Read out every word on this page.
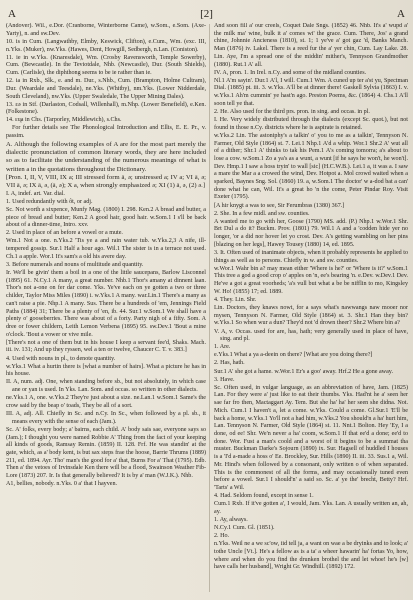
A	[2]	A

(Andover). Wil., e.Dor. (Cranborne, Winterborne Came), w.Som., e.Som. (Axe-Yarty), n. and sw.Dev.

10. is in Cum. (Langwathby, Elmby, Keswick, Clifton), e.Cum., Wm. (exc. III, n.Yks. (Muker), nw.Yks. (Hawes, Dent, Howgill, Sedbergh, n.Lan. (Coniston).

11. ie in w.Yks. (Knaresdale), Wm. (Crosby Ravensworth, Temple Sowerby), Cum. (Bewcastle). In the Teviotdale, Nhb. (Newcastle), Dur. (South Shields), Cum. (Carlisle), the diphthong seems to be ie rather than ie.

12. ia in Rxb., Slk., e. and m. Dur., s.Nhb., Cum. (Brampton, Holme Cultram), Dur. (Weardale and Teesdale), ne.Yks. (Whitby), nm.Yks. (Lower Nidderdale, South Cleveland), nw.Yks. (Upper Swaledale, The Upper Mining Dales).

13. ɛə in Stf. (Darlaston, Codsall, Willenhall), m.Nhp. (Lower Benefield), e.Ken. (Folkestone).

14. ɛu̯a in Chs. (Tarporley, Middlewich), s.Chs.

For further details see The Phonological Introduction and Ellis, E. E. Pr., v. passim.

A. Although the following examples of A are for the most part merely the dialectic pronunciation of common literary words, they are here included so as to facilitate the understanding of the numerous meanings of what is written a in the quotations throughout the Dictionary.

[Pron. I, II, V, VIII, IX a; III stressed form ā, ǝ; unstressed a; IV a; VI ā, ǝ; VII ā, ǝ; IX ā, ǝ, (ā, ǝ); X a, when strongly emphasized ǝ; XI (1) ā, ǝ, (2) ǝ.]

I. A, indef. art. Var. dial.

1. Used redundantly with ôt, or adj.

Sc. Not worth a sixpence, Munfy Mag. (1800) I. 298. Ken.2 A bread and butter, a piece of bread and butter; Ken.2 A good hair, good hair. w.Som.1 I s'll be back about of a dinner-time, Intro. xxv.

2. Used in place of an before a vowel or a mute.

Wm.1 Not a one. n.Yks.2 'Tis ye a and rain water tub. w.Yks.2,3 A nife, ill-tempered gossip. Sur.1 Half a hour ago. Wil.1 The sister is in a terrace not used. Ch.1 a apple. Wor.1 It's sam's a old his avere day.

3. Before numerals and nouns of multitude and quantity.

Ir. We'll be givin' them a boil in a one of the little saucepans, Barlow Lisconnel (1895) 61. N.Cy.1 A many, a great number. Nhb.1 Thor's amany at dinnent laan. Thor's not a-one on fer dar come. Yks. Ye've each on ye gotten a two or three childer, Taylor Miss Miles (1890) i. w.Yks.1 A many. war.Lin.1 There's a many as can't raise a pie. Nhp.1 A many. Sus. There be a hundreds of 'em, Jennings Field Paths (1884) 31; There be a plenty of 'en, ib. 44. Sur.1 w.Som.1 We shall have a plenty o' gooseberries. There was about of a forty. Party nigh of a fifty. Som. A dree or fower childern, Leith Lemon Verbena (1895) 95. sw.Dev.1 'Bout a mine o'clock. 'Bout a vower or vive mile.

[There's not a one of them but in his house I keep a servant fee'd, Shaks. Mach. iii. iv. 131; And up they ryssen, wel a ten or twelve, Chaucer C. T. v. 383.]

4. Used with nouns in pl., to denote quantity.

w.Yks.1 What a hurtin there is [what a number of hairs]. What a picture he has in his house.

II. A, num. adj. One, when standing before sb., but not absolutely, in which case ane or yan is used. In Yks. Lan. Som. and occas. so written in other dialects.

ne.Yks.1 A, one. w.Yks.2 They're just about a size. ne.Lan.1 w.Som.1 Same's the crow said by the beap o' toads, They be all of a sort.

III. A, adj. All. Chiefly in Sc. and n.Cy. In Sc., when followed by a pl. sb., it means every with the sense of each (Jam.).

Sc. A' folks, every body; a' bairns, each child. A' body sais sae, everyone says so (Jam.); I thought you were named Robbie A' Thing from the fact of your keeping all kinds of goods, Ramsay Remin. (1859) II. 128. Frf. He was standin' at the gate, which, as a' body kent, is but sax steps frae the hoose, Barrie Thrums (1889) 211, ed. 1894. Ayr. Tho' man's the good for a' that, Burns For a' That (1795). Edb. Then a' the vetoes of Irvinsdale Ken there will be a flood, Swainson Weather Fib-Lore (1873) 207. Ir. Is that generally believed? It is by a' man (W.J.K.). Nhb.

A1, bellies, nobody. n.Yks. 0 a' that I hayven.

And soon fill a' our creels, Coquet Dale Sngs. (1852) 46. Nhb. It's a' wupd a' the milk ma' wine, bulk it a' comes wi' the grace. Cum. There, Jos' a grand chine, Johnnie Ancieness (1810), st. 1; 1 ye've a' got gaz 'd, Banks Manch. Man (1876) iv. Lakel. There is a reed fur the a' yer chin, Cum. Lay Lake. 28. Lin. Aye, I'm a spread one of the middin' mither's, Tennyson Grandmother (1880). Rut.1 A' all.

IV. A, pron. 1. In Irel. n.Cy. and some of the midland counties.

Nl.1 A'm sayin'. Dur.1 A'l, I will. Cum.1 Wm. A cuned up ter a'st yu, Spectman Dial. (1885) pt. iii. 3. w.Yks. A'll be at dinner there! Gaskell Sylvia (1863) I. v. w.Yks.1 Ah'm cummin' ye hast'n ago. Preston Poems, &c. (1864) 4. Chs.1 A'll soon tell ye that.

2. He. Also used for the third prs. pron. in sing. and occas. in pl.

I. He. Very widely distributed through the dialects (except Sc. quot.), but not found in those n.Cy. districts where he is aspirate is retained.

w.Yks.2 Lin. The astoniphy's a talkin' o' you to me as a talkin', Tennyson N. Farmer, Old Style (1864) st. 7. Lei.1 Nhp.1 A'd a whip. Wor.1 Shr.2 A' wut all of a dither; Shr.1 A' thinks to tak his Pem.1 A's coming tomorra; a's about to lose a cow. w.Som.1 Zo a ya's as a wunt, a wunt [if he says he won't, he won't]. Dev. Hmp.1 I saw a hoss tryin' to wall [sic] (H.C.W.B.). Lei.1 a, it was a. I saw a mare the Mar a a crowed the wind, Dev. Hotpot a. Mol crowd waited when a sparked, Baynes Sng. Sol. (1860) 19. a, w.Som.1 The doctor' w a-dod bat a can' done what he can, Wil. It's a great ho 'n the come, Peter Pindar Roy. Visit Exeter (1795).

[A hir knygt a was to see, Sir Ferumbras (1380) 367.]

2. She. In a few midl. and sw. counties.

A wanted me to go with her, Goose (1790) MS. add. (P.) Nhp.1 w.Wor.1 Shr. Brt Dul a do it? Buckm. Prov. (1801) 79. Wil.1 A and a 'codden hide yer no longer, 'or a did nor hover let yo crost. Dev. A's getting wambling on her pins [blazing on her legs], Hawey Tousey (1880) 14, ed. 1895.

3. It. Often used of inanimate objects, when it probably represents he applied to things as well as to persons. Chiefly in w. and sw. counties.

w.Wor.1 Wahr bin a? may mean either 'Where is he?' or 'Where is it?' w.Som.1 This tree a god a good crop o' apples on 'n, ee's bearing 'n. e.Dev. w.Dev.1 Dev. He've a got a great voorheds; 'a's vull but what a be be nifflin to mo, Kingsley W. Ho! (1855) 17; ed. 1889.

4. They. Lin. Shr.

Lin. Doctors, they knaws nowt, for a says what's nawwangs naw mooer nor mysen, Tennyson N. Farmer, Old Style (1864) st. 3. Shr.1 Han they bin? w.Yks.1 So when wur a dun? They'd not 'd drown theer? Shr.2 Where bin a?

V. A, v. Occas. used for are, has, hath; very generally used in place of have, sing. and pl.

1. Are.

e.Yks.1 What a ya a-deein on there? [What are you doing there?]

2. Has, hath.

Sur.1 A' she got a hame. w.Wor.1 Er's a goo' away. Hrf.2 He a gone away.

3. Have.

Sc. Often used, in vulgar language, as an abbreviation of have, Jam. (1825) Lan. For they were a' just like to eat their thumbs. Yks. Had'nt he a' seen her sae far fro then, Mactaggart Ay. Tem. But she ha' ha' her seen she didna. Not. Mich. Cum.1 I haven't a, let a come. w.Yks. Could a come. Gl.Sur.1 'E'll be back a home, w.Yks.1 Yo'll not a had him, w.Yks.2 You should'n a ha' hurt him, Lan. Tennyson N. Farmer, Old Style (1864) st. 11. Nnt.1 Bolton. Hey 'Ey, I a done, od ee! Shr. We'n never a ha' coom, w.Som.1 If that ee'd a done; ee'd to done. Wor. Fust a man's coold and a worst of it begins to be a summat tha muster. Buckman Darke's Sojourn (1890) ix. Sur. Hagsell of huddled I houses is a 'I'd a-made a hoss o' Ee. Brockley, Sur. Hills (1890) II. iii. 33. Sus.1 a, Wil. Mr. Hind's when followed by a consonant, only written o of when separated. This is the commonest of all the forms, and may occasionally tuned even before a vowel. Sur.1 I should'n' a said so. Sc. a' ye the' brecht, Betty? Hrf. 'Tarts' a Wil.

4. Had. Seldom found, except in sense 1.

Cum.1 Rxb. If it've gotten a', I would, Jam. Yks. Lan. A usually written an, ah, ay.

1. Ay, always.

N.Cy.1 Cum. Gl. (1851).

2. Ho.

n.Yks. Weil ne a we sc'ow, iid tell ja, a want on wae a be dryinks and to look; a' tothe Uncle [Vt.]. He's a fellow as is a ta' a wheer hawarin' ha' fortas Yo, how, where and when do you find the drunken brothel the and let whoe! he's [w] have calls her husband], Wright Gr. Windhill. (1892) 172.
